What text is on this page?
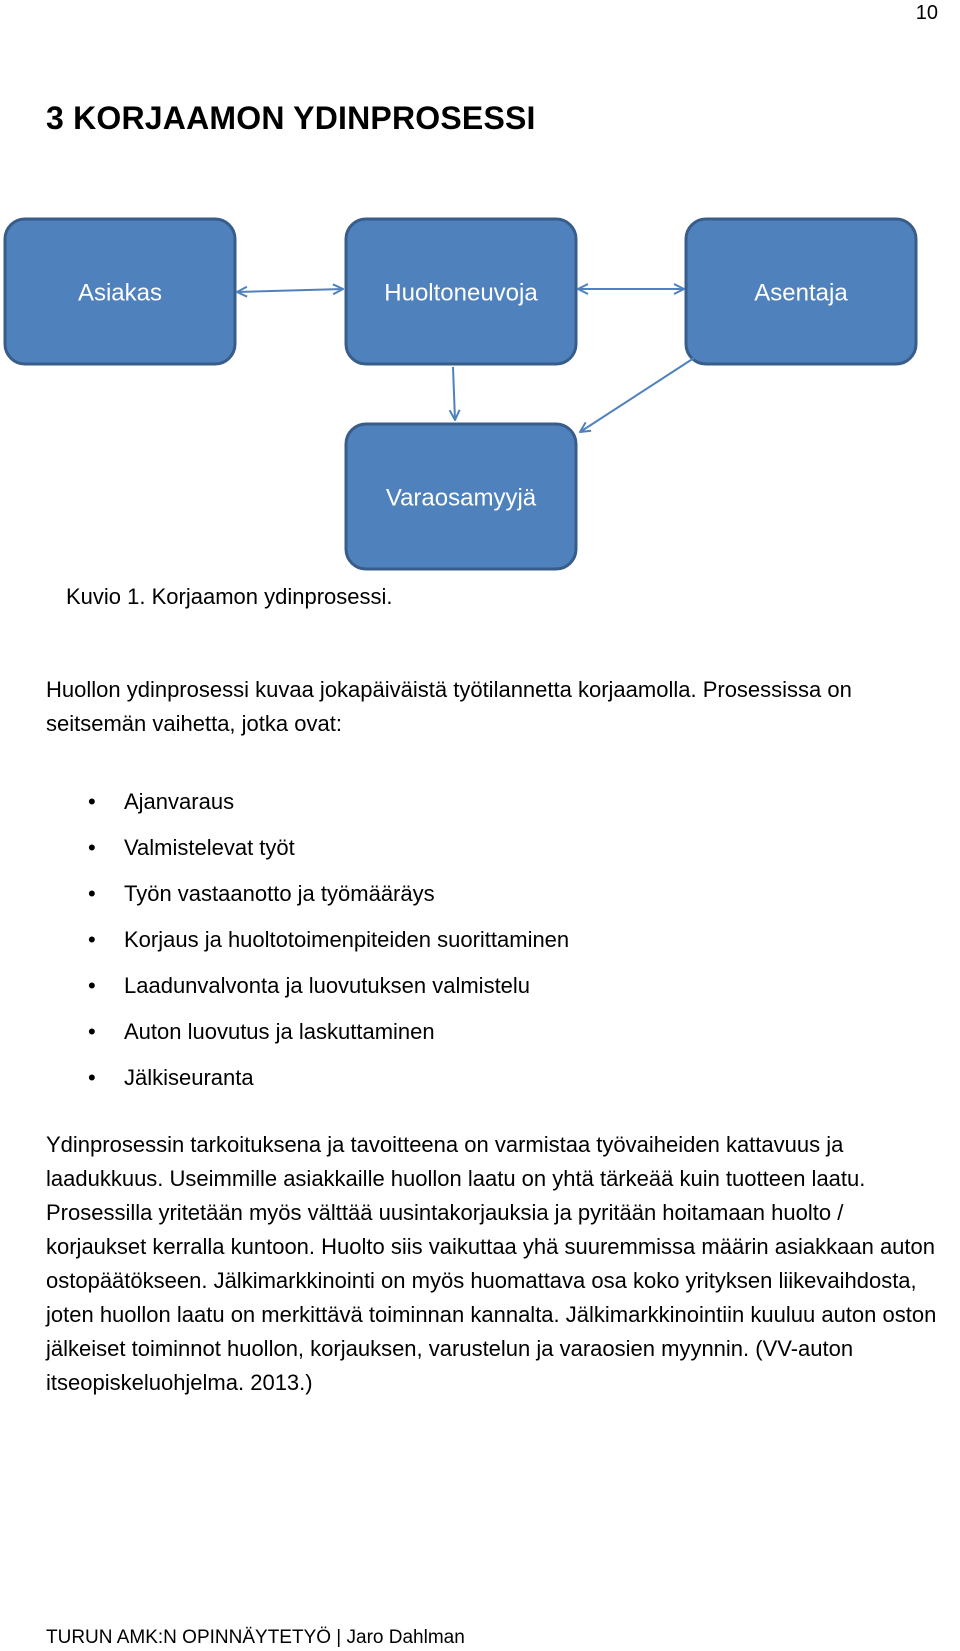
10
3 KORJAAMON YDINPROSESSI
Asiakas	Huoltoneuvoja	Asentaja
Varaosamyyjä
Kuvio 1. Korjaamon ydinprosessi.

Huollon ydinprosessi kuvaa jokapäiväistä työtilannetta korjaamolla. Prosessissa on seitsemän vaihetta, jotka ovat:

• Ajanvaraus
• Valmistelevat työt
• Työn vastaanotto ja työmääräys
• Korjaus ja huoltotoimenpiteiden suorittaminen
• Laadunvalvonta ja luovutuksen valmistelu
• Auton luovutus ja laskuttaminen
• Jälkiseuranta

Ydinprosessin tarkoituksena ja tavoitteena on varmistaa työvaiheiden kattavuus ja laadukkuus. Useimmille asiakkaille huollon laatu on yhtä tärkeää kuin tuotteen laatu. Prosessilla yritetään myös välttää uusintakorjauksia ja pyritään hoitamaan huolto / korjaukset kerralla kuntoon. Huolto siis vaikuttaa yhä suuremmissa määrin asiakkaan auton ostopäätökseen. Jälkimarkkinointi on myös huomattava osa koko yrityksen liikevaihdosta, joten huollon laatu on merkittävä toiminnan kannalta. Jälkimarkkinointiin kuuluu auton oston jälkeiset toiminnot huollon, korjauksen, varustelun ja varaosien myynnin. (VV-auton itseopiskeluohjelma. 2013.)

TURUN AMK:N OPINNÄYTETYÖ | Jaro Dahlman
